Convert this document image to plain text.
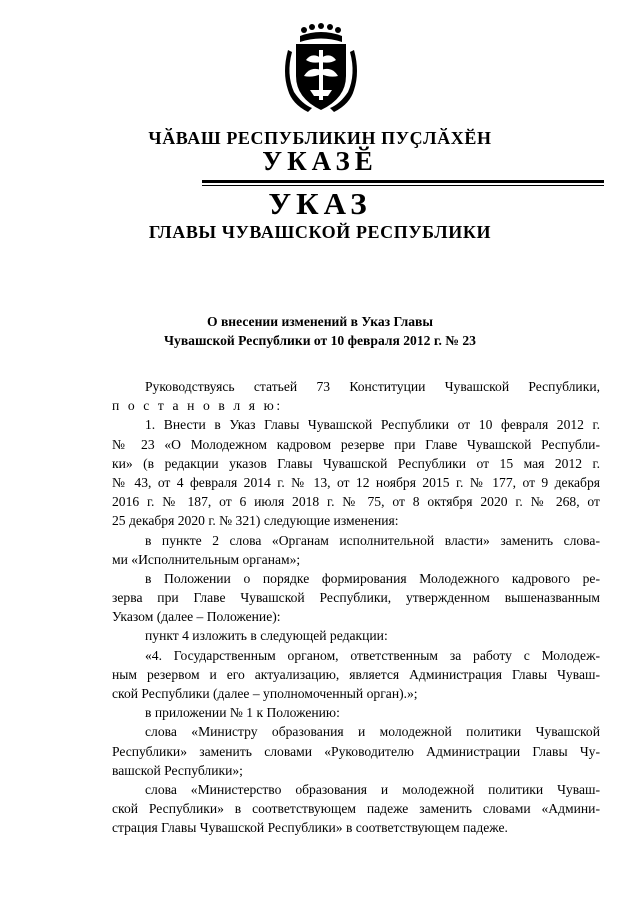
ЧӐВАШ РЕСПУБЛИКИН ПУҪЛӐХӖН
УКАЗӖ
УКАЗ
ГЛАВЫ ЧУВАШСКОЙ РЕСПУБЛИКИ
О внесении изменений в Указ Главы
Чувашской Республики от 10 февраля 2012 г. № 23
Руководствуясь статьей 73 Конституции Чувашской Республики,
п о с т а н о в л я ю:
1. Внести в Указ Главы Чувашской Республики от 10 февраля 2012 г.
№ 23 «О Молодежном кадровом резерве при Главе Чувашской Республи-
ки» (в редакции указов Главы Чувашской Республики от 15 мая 2012 г.
№ 43, от 4 февраля 2014 г. № 13, от 12 ноября 2015 г. № 177, от 9 декабря
2016 г. № 187, от 6 июля 2018 г. № 75, от 8 октября 2020 г. № 268, от
25 декабря 2020 г. № 321) следующие изменения:
в пункте 2 слова «Органам исполнительной власти» заменить слова-
ми «Исполнительным органам»;
в Положении о порядке формирования Молодежного кадрового ре-
зерва при Главе Чувашской Республики, утвержденном вышеназванным
Указом (далее – Положение):
пункт 4 изложить в следующей редакции:
«4. Государственным органом, ответственным за работу с Молодеж-
ным резервом и его актуализацию, является Администрация Главы Чуваш-
ской Республики (далее – уполномоченный орган).»;
в приложении № 1 к Положению:
слова «Министру образования и молодежной политики Чувашской
Республики» заменить словами «Руководителю Администрации Главы Чу-
вашской Республики»;
слова «Министерство образования и молодежной политики Чуваш-
ской Республики» в соответствующем падеже заменить словами «Админи-
страция Главы Чувашской Республики» в соответствующем падеже.
